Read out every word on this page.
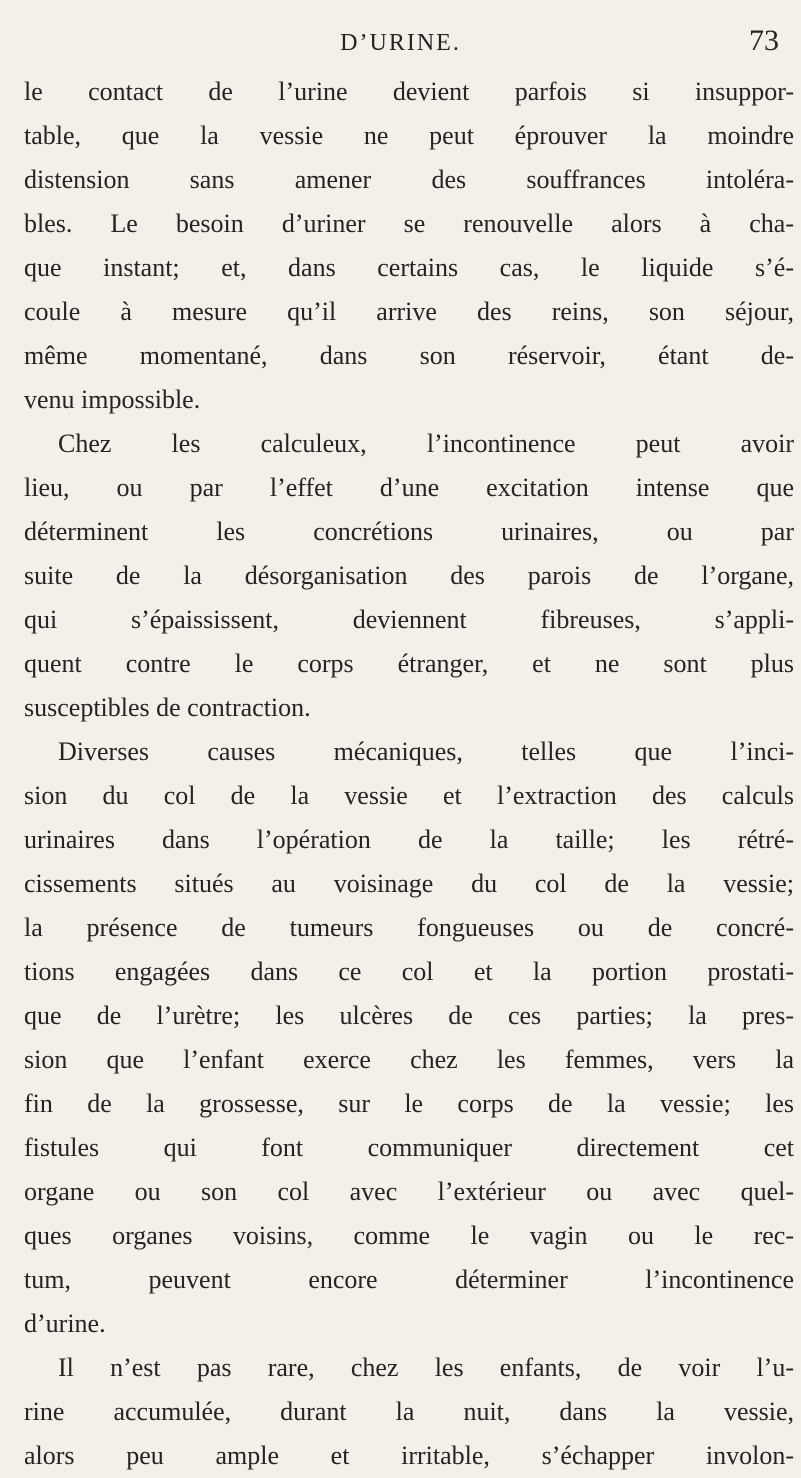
D’URINE.	73
le contact de l’urine devient parfois si insuppor-
table, que la vessie ne peut éprouver la moindre
distension sans amener des souffrances intoléra-
bles. Le besoin d’uriner se renouvelle alors à cha-
que instant; et, dans certains cas, le liquide s’é-
coule à mesure qu’il arrive des reins, son séjour,
même momentané, dans son réservoir, étant de-
venu impossible.
Chez les calculeux, l’incontinence peut avoir
lieu, ou par l’effet d’une excitation intense que
déterminent les concrétions urinaires, ou par
suite de la désorganisation des parois de l’organe,
qui s’épaississent, deviennent fibreuses, s’appli-
quent contre le corps étranger, et ne sont plus
susceptibles de contraction.
Diverses causes mécaniques, telles que l’inci-
sion du col de la vessie et l’extraction des calculs
urinaires dans l’opération de la taille; les rétré-
cissements situés au voisinage du col de la vessie;
la présence de tumeurs fongueuses ou de concré-
tions engagées dans ce col et la portion prostati-
que de l’urètre; les ulcères de ces parties; la pres-
sion que l’enfant exerce chez les femmes, vers la
fin de la grossesse, sur le corps de la vessie; les
fistules qui font communiquer directement cet
organe ou son col avec l’extérieur ou avec quel-
ques organes voisins, comme le vagin ou le rec-
tum, peuvent encore déterminer l’incontinence
d’urine.
Il n’est pas rare, chez les enfants, de voir l’u-
rine accumulée, durant la nuit, dans la vessie,
alors peu ample et irritable, s’échapper involon-
